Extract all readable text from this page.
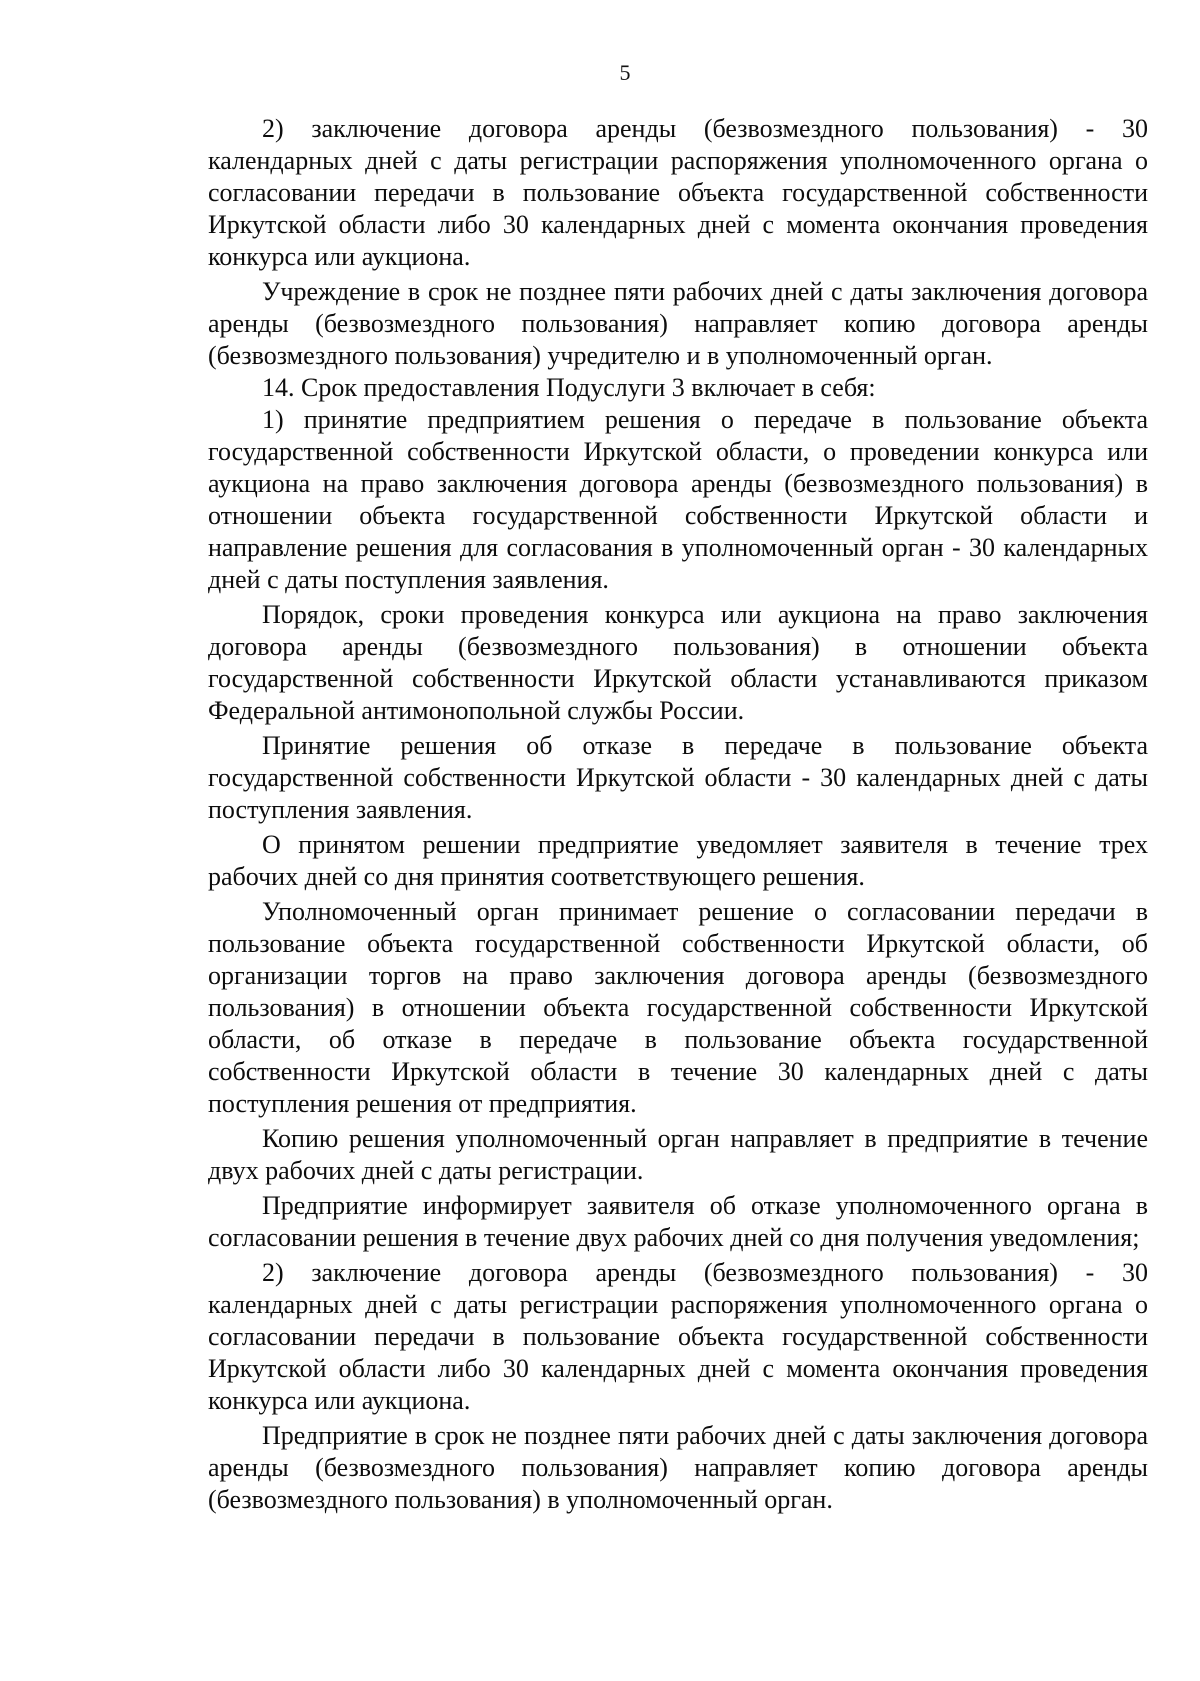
5

2) заключение договора аренды (безвозмездного пользования) - 30 календарных дней с даты регистрации распоряжения уполномоченного органа о согласовании передачи в пользование объекта государственной собственности Иркутской области либо 30 календарных дней с момента окончания проведения конкурса или аукциона.

Учреждение в срок не позднее пяти рабочих дней с даты заключения договора аренды (безвозмездного пользования) направляет копию договора аренды (безвозмездного пользования) учредителю и в уполномоченный орган.

14. Срок предоставления Подуслуги 3 включает в себя:

1) принятие предприятием решения о передаче в пользование объекта государственной собственности Иркутской области, о проведении конкурса или аукциона на право заключения договора аренды (безвозмездного пользования) в отношении объекта государственной собственности Иркутской области и направление решения для согласования в уполномоченный орган - 30 календарных дней с даты поступления заявления.

Порядок, сроки проведения конкурса или аукциона на право заключения договора аренды (безвозмездного пользования) в отношении объекта государственной собственности Иркутской области устанавливаются приказом Федеральной антимонопольной службы России.

Принятие решения об отказе в передаче в пользование объекта государственной собственности Иркутской области - 30 календарных дней с даты поступления заявления.

О принятом решении предприятие уведомляет заявителя в течение трех рабочих дней со дня принятия соответствующего решения.

Уполномоченный орган принимает решение о согласовании передачи в пользование объекта государственной собственности Иркутской области, об организации торгов на право заключения договора аренды (безвозмездного пользования) в отношении объекта государственной собственности Иркутской области, об отказе в передаче в пользование объекта государственной собственности Иркутской области в течение 30 календарных дней с даты поступления решения от предприятия.

Копию решения уполномоченный орган направляет в предприятие в течение двух рабочих дней с даты регистрации.

Предприятие информирует заявителя об отказе уполномоченного органа в согласовании решения в течение двух рабочих дней со дня получения уведомления;

2) заключение договора аренды (безвозмездного пользования) - 30 календарных дней с даты регистрации распоряжения уполномоченного органа о согласовании передачи в пользование объекта государственной собственности Иркутской области либо 30 календарных дней с момента окончания проведения конкурса или аукциона.

Предприятие в срок не позднее пяти рабочих дней с даты заключения договора аренды (безвозмездного пользования) направляет копию договора аренды (безвозмездного пользования) в уполномоченный орган.
